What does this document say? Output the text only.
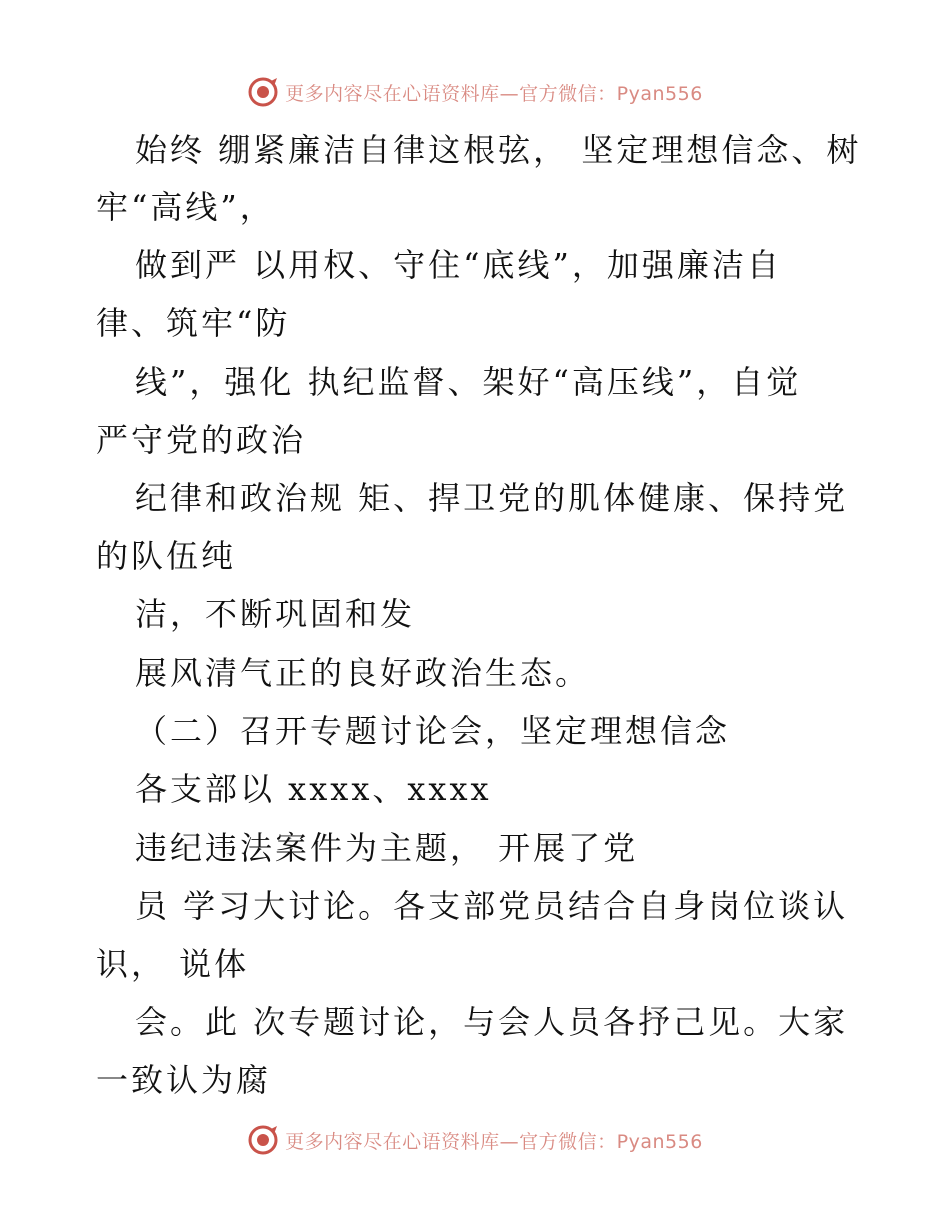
更多内容尽在心语资料库—官方微信：Pyan556

始终 绷紧廉洁自律这根弦， 坚定理想信念、树

牢“高线”，

做到严 以用权、守住“底线”，加强廉洁自

律、筑牢“防

线”，强化 执纪监督、架好“高压线”，自觉

严守党的政治

纪律和政治规 矩、捍卫党的肌体健康、保持党

的队伍纯

洁，不断巩固和发

展风清气正的良好政治生态。

（二）召开专题讨论会，坚定理想信念

各支部以 xxxx、xxxx

违纪违法案件为主题， 开展了党

员 学习大讨论。各支部党员结合自身岗位谈认

识， 说体

会。此 次专题讨论，与会人员各抒己见。大家

一致认为腐

更多内容尽在心语资料库—官方微信：Pyan556
